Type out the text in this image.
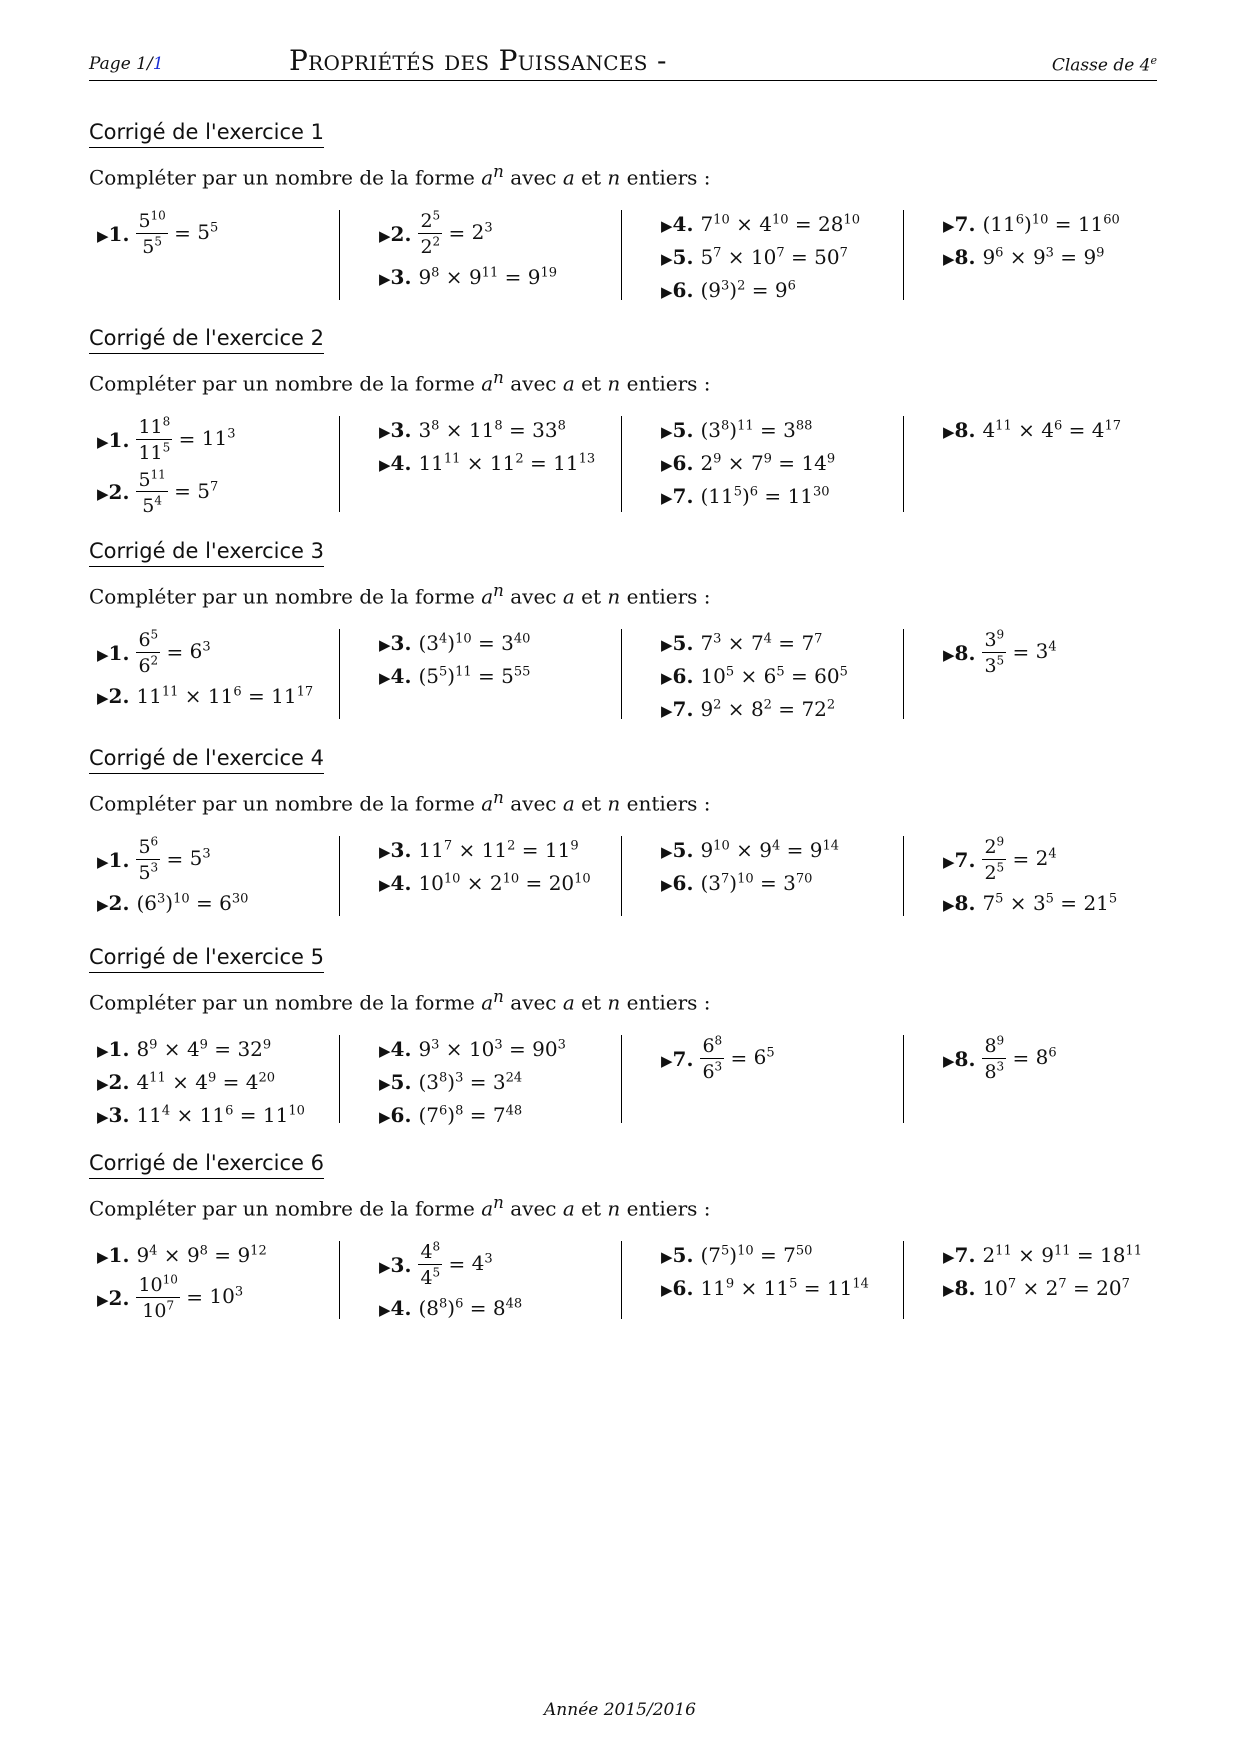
Page 1/1	Propriétés des Puissances -	Classe de 4e
Corrigé de l'exercice 1
Compléter par un nombre de la forme $a^n$ avec a et n entiers :
▶1. $\frac{5^{10}}{5^5} = 5^5$	▶2. $\frac{2^5}{2^2} = 2^3$
▶3. $9^8 \times 9^{11} = 9^{19}$
▶4. $7^{10} \times 4^{10} = 28^{10}$
▶5. $5^7 \times 10^7 = 50^7$
▶6. $(9^3)^2 = 9^6$
▶7. $(11^6)^{10} = 11^{60}$
▶8. $9^6 \times 9^3 = 9^9$
Corrigé de l'exercice 2
Compléter par un nombre de la forme $a^n$ avec a et n entiers :
▶1. $\frac{11^8}{11^5} = 11^3$
▶2. $\frac{5^{11}}{5^4} = 5^7$
▶3. $3^8 \times 11^8 = 33^8$
▶4. $11^{11} \times 11^2 = 11^{13}$
▶5. $(3^8)^{11} = 3^{88}$
▶6. $2^9 \times 7^9 = 14^9$
▶7. $(11^5)^6 = 11^{30}$
▶8. $4^{11} \times 4^6 = 4^{17}$
Corrigé de l'exercice 3
Compléter par un nombre de la forme $a^n$ avec a et n entiers :
▶1. $\frac{6^5}{6^2} = 6^3$
▶2. $11^{11} \times 11^6 = 11^{17}$
▶3. $(3^4)^{10} = 3^{40}$
▶4. $(5^5)^{11} = 5^{55}$
▶5. $7^3 \times 7^4 = 7^7$
▶6. $10^5 \times 6^5 = 60^5$
▶7. $9^2 \times 8^2 = 72^2$
▶8. $\frac{3^9}{3^5} = 3^4$
Corrigé de l'exercice 4
Compléter par un nombre de la forme $a^n$ avec a et n entiers :
▶1. $\frac{5^6}{5^3} = 5^3$
▶2. $(6^3)^{10} = 6^{30}$
▶3. $11^7 \times 11^2 = 11^9$
▶4. $10^{10} \times 2^{10} = 20^{10}$
▶5. $9^{10} \times 9^4 = 9^{14}$
▶6. $(3^7)^{10} = 3^{70}$
▶7. $\frac{2^9}{2^5} = 2^4$
▶8. $7^5 \times 3^5 = 21^5$
Corrigé de l'exercice 5
Compléter par un nombre de la forme $a^n$ avec a et n entiers :
▶1. $8^9 \times 4^9 = 32^9$
▶2. $4^{11} \times 4^9 = 4^{20}$
▶3. $11^4 \times 11^6 = 11^{10}$
▶4. $9^3 \times 10^3 = 90^3$
▶5. $(3^8)^3 = 3^{24}$
▶6. $(7^6)^8 = 7^{48}$
▶7. $\frac{6^8}{6^3} = 6^5$	▶8. $\frac{8^9}{8^3} = 8^6$
Corrigé de l'exercice 6
Compléter par un nombre de la forme $a^n$ avec a et n entiers :
▶1. $9^4 \times 9^8 = 9^{12}$
▶2. $\frac{10^{10}}{10^7} = 10^3$
▶3. $\frac{4^8}{4^5} = 4^3$
▶4. $(8^8)^6 = 8^{48}$
▶5. $(7^5)^{10} = 7^{50}$
▶6. $11^9 \times 11^5 = 11^{14}$
▶7. $2^{11} \times 9^{11} = 18^{11}$
▶8. $10^7 \times 2^7 = 20^7$
Année 2015/2016
